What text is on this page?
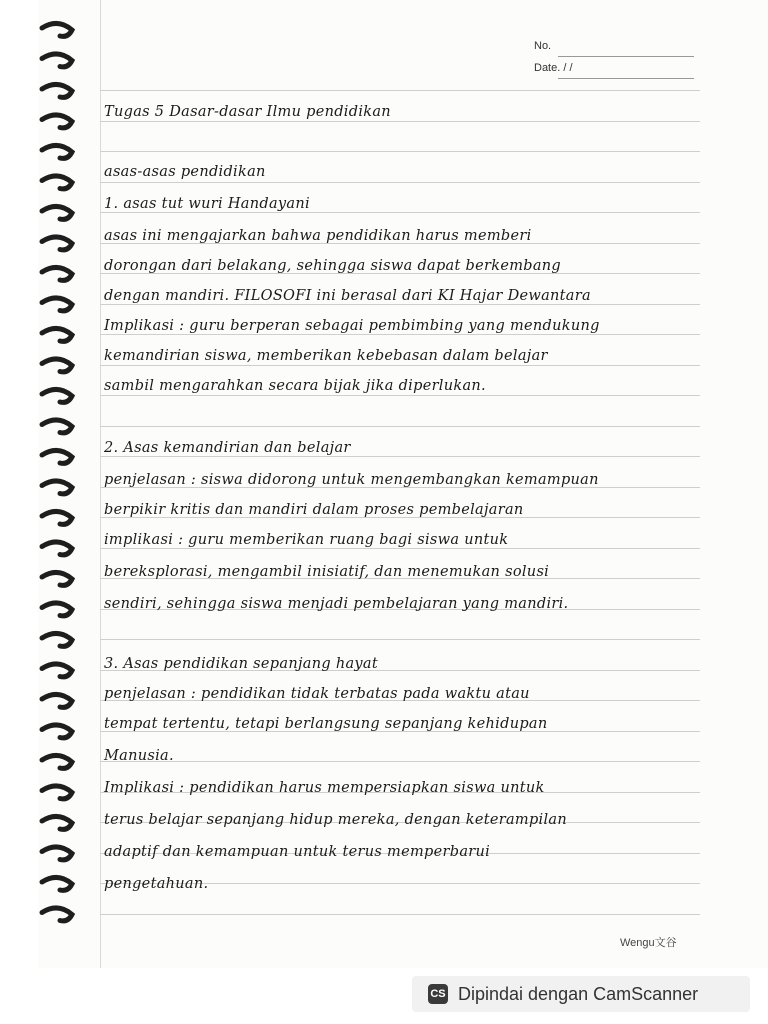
No.
Date. / /
Tugas 5 Dasar-dasar Ilmu pendidikan
asas-asas pendidikan
1. asas tut wuri Handayani
asas ini mengajarkan bahwa pendidikan harus memberi
dorongan dari belakang, sehingga siswa dapat berkembang
dengan mandiri. FILOSOFI ini berasal dari KI Hajar Dewantara
Implikasi : guru berperan sebagai pembimbing yang mendukung
kemandirian siswa, memberikan kebebasan dalam belajar
sambil mengarahkan secara bijak jika diperlukan.
2. Asas kemandirian dan belajar
penjelasan : siswa didorong untuk mengembangkan kemampuan
berpikir kritis dan mandiri dalam proses pembelajaran
implikasi : guru memberikan ruang bagi siswa untuk
bereksplorasi, mengambil inisiatif, dan menemukan solusi
sendiri, sehingga siswa menjadi pembelajaran yang mandiri.
3. Asas pendidikan sepanjang hayat
penjelasan : pendidikan tidak terbatas pada waktu atau
tempat tertentu, tetapi berlangsung sepanjang kehidupan
Manusia.
Implikasi : pendidikan harus mempersiapkan siswa untuk
terus belajar sepanjang hidup mereka, dengan keterampilan
adaptif dan kemampuan untuk terus memperbarui
pengetahuan.
Wengu文谷
CS Dipindai dengan CamScanner
